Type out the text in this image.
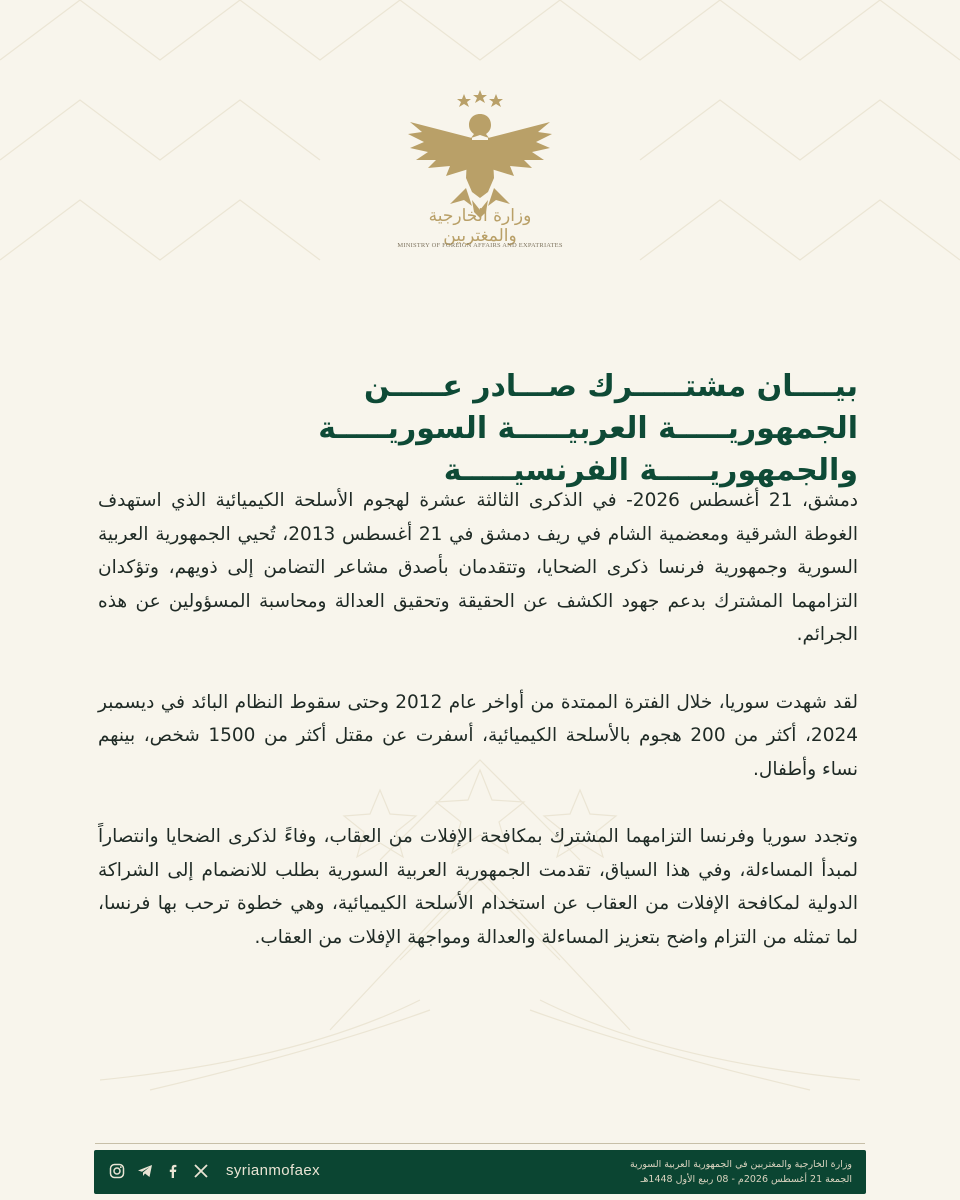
وزارة الخارجية والمغتربين
MINISTRY OF FOREIGN AFFAIRS AND EXPATRIATES
بيــــان مشتـــــرك صـــادر عـــــن
الجمهوريـــــة العربيـــــة السوريـــــة والجمهوريـــــة الفرنسيـــــة

دمشق، 21 أغسطس 2026- في الذكرى الثالثة عشرة لهجوم الأسلحة الكيميائية الذي استهدف الغوطة الشرقية ومعضمية الشام في ريف دمشق في 21 أغسطس 2013، تُحيي الجمهورية العربية السورية وجمهورية فرنسا ذكرى الضحايا، وتتقدمان بأصدق مشاعر التضامن إلى ذويهم، وتؤكدان التزامهما المشترك بدعم جهود الكشف عن الحقيقة وتحقيق العدالة ومحاسبة المسؤولين عن هذه الجرائم.

لقد شهدت سوريا، خلال الفترة الممتدة من أواخر عام 2012 وحتى سقوط النظام البائد في ديسمبر 2024، أكثر من 200 هجوم بالأسلحة الكيميائية، أسفرت عن مقتل أكثر من 1500 شخص، بينهم نساء وأطفال.

وتجدد سوريا وفرنسا التزامهما المشترك بمكافحة الإفلات من العقاب، وفاءً لذكرى الضحايا وانتصاراً لمبدأ المساءلة، وفي هذا السياق، تقدمت الجمهورية العربية السورية بطلب للانضمام إلى الشراكة الدولية لمكافحة الإفلات من العقاب عن استخدام الأسلحة الكيميائية، وهي خطوة ترحب بها فرنسا، لما تمثله من التزام واضح بتعزيز المساءلة والعدالة ومواجهة الإفلات من العقاب.

syrianmofaex	وزارة الخارجية والمغتربين في الجمهورية العربية السورية
الجمعة 21 أغسطس 2026م - 08 ربيع الأول 1448هـ
